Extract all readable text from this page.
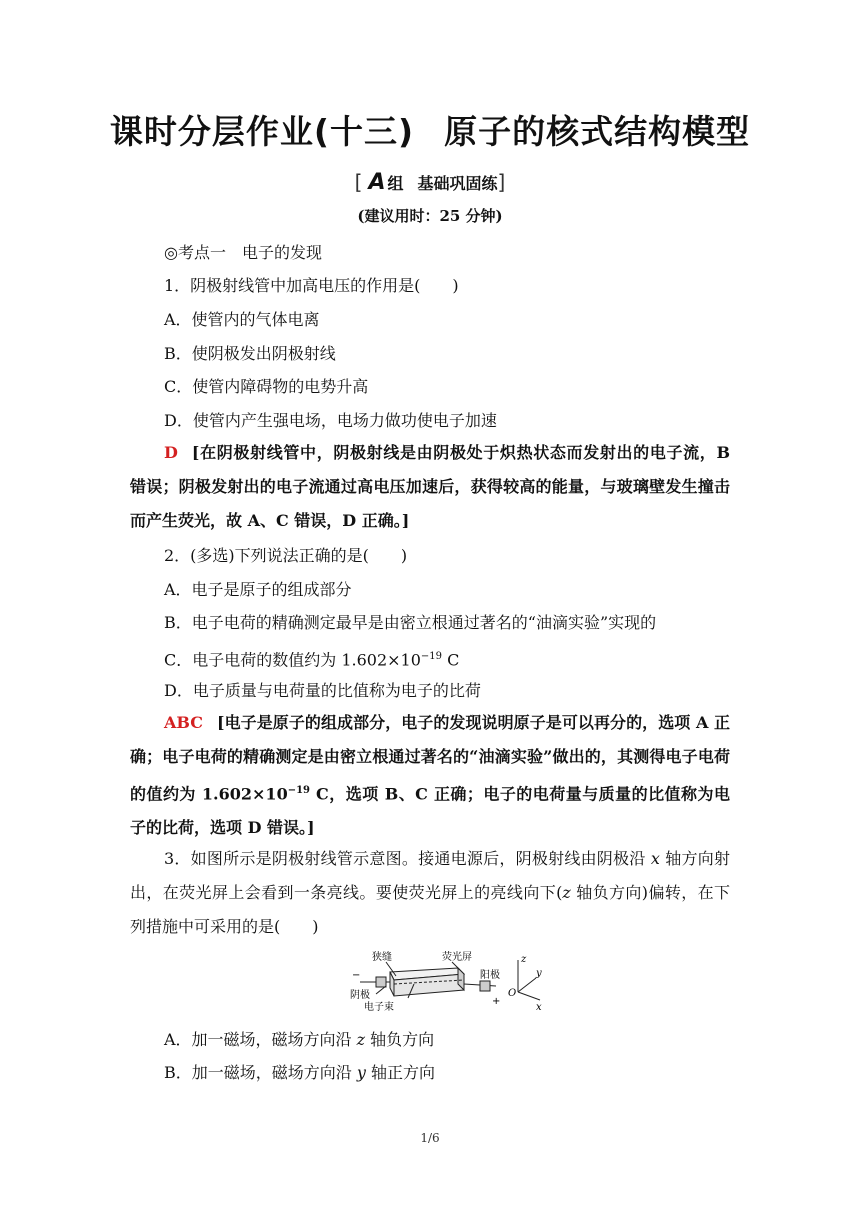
课时分层作业(十三) 原子的核式结构模型
[ A 组 基础巩固练]
(建议用时：25 分钟)
◎考点一　电子的发现
1．阴极射线管中加高电压的作用是(　　)
A．使管内的气体电离
B．使阴极发出阴极射线
C．使管内障碍物的电势升高
D．使管内产生强电场，电场力做功使电子加速
D [在阴极射线管中，阴极射线是由阴极处于炽热状态而发射出的电子流，B 错误；阴极发射出的电子流通过高电压加速后，获得较高的能量，与玻璃壁发生撞击而产生荧光，故 A、C 错误，D 正确。]
2．(多选)下列说法正确的是(　　)
A．电子是原子的组成部分
B．电子电荷的精确测定最早是由密立根通过著名的“油滴实验”实现的
C．电子电荷的数值约为 $1.602\times 10^{-19}$ C
D．电子质量与电荷量的比值称为电子的比荷
ABC [电子是原子的组成部分，电子的发现说明原子是可以再分的，选项 A 正确；电子电荷的精确测定是由密立根通过著名的“油滴实验”做出的，其测得电子电荷的值约为 $1.602\times 10^{-19}$ C，选项 B、C 正确；电子的电荷量与质量的比值称为电子的比荷，选项 D 错误。]
3．如图所示是阴极射线管示意图。接通电源后，阴极射线由阴极沿 x 轴方向射出，在荧光屏上会看到一条亮线。要使荧光屏上的亮线向下(z 轴负方向)偏转，在下列措施中可采用的是(　　)
狭缝	荧光屏
阴极
电子束
阳极
−
+
z
y
x
O
A．加一磁场，磁场方向沿 z 轴负方向
B．加一磁场，磁场方向沿 y 轴正方向
1/6
